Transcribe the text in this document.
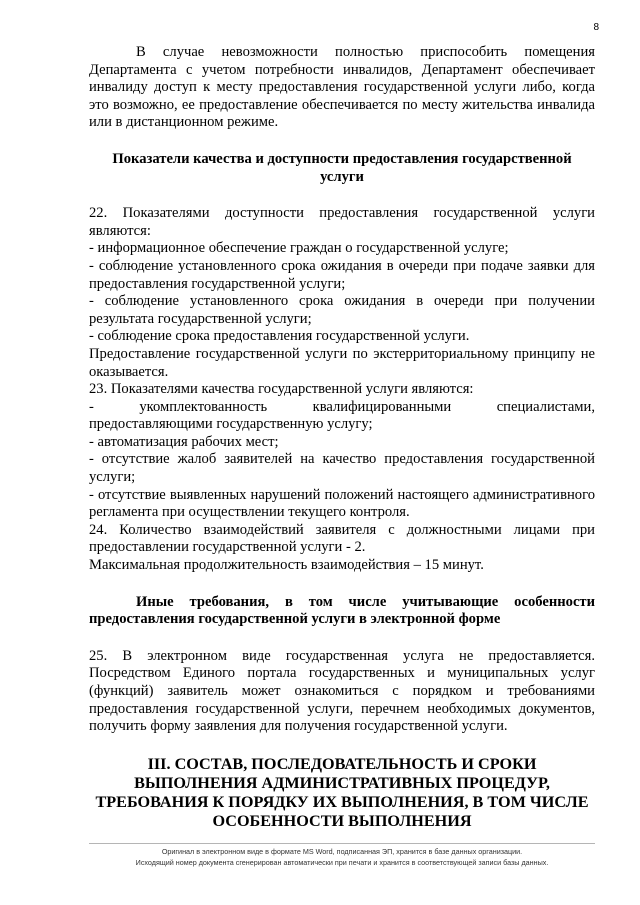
8

В случае невозможности полностью приспособить помещения Департамента с учетом потребности инвалидов, Департамент обеспечивает инвалиду доступ к месту предоставления государственной услуги либо, когда это возможно, ее предоставление обеспечивается по месту жительства инвалида или в дистанционном режиме.

Показатели качества и доступности предоставления государственной услуги

22. Показателями доступности предоставления государственной услуги являются:

- информационное обеспечение граждан о государственной услуге;

- соблюдение установленного срока ожидания в очереди при подаче заявки для предоставления государственной услуги;

- соблюдение установленного срока ожидания в очереди при получении результата государственной услуги;

- соблюдение срока предоставления государственной услуги.

Предоставление государственной услуги по экстерриториальному принципу не оказывается.

23. Показателями качества государственной услуги являются:

- укомплектованность квалифицированными специалистами, предоставляющими государственную услугу;

- автоматизация рабочих мест;

- отсутствие жалоб заявителей на качество предоставления государственной услуги;

- отсутствие выявленных нарушений положений настоящего административного регламента при осуществлении текущего контроля.

24. Количество взаимодействий заявителя с должностными лицами при предоставлении государственной услуги - 2.

Максимальная продолжительность взаимодействия – 15 минут.

Иные требования, в том числе учитывающие особенности предоставления государственной услуги в электронной форме

25. В электронном виде государственная услуга не предоставляется. Посредством Единого портала государственных и муниципальных услуг (функций) заявитель может ознакомиться с порядком и требованиями предоставления государственной услуги, перечнем необходимых документов, получить форму заявления для получения государственной услуги.

III. СОСТАВ, ПОСЛЕДОВАТЕЛЬНОСТЬ И СРОКИ ВЫПОЛНЕНИЯ АДМИНИСТРАТИВНЫХ ПРОЦЕДУР, ТРЕБОВАНИЯ К ПОРЯДКУ ИХ ВЫПОЛНЕНИЯ, В ТОМ ЧИСЛЕ ОСОБЕННОСТИ ВЫПОЛНЕНИЯ
Оригинал в электронном виде в формате MS Word, подписанная ЭП, хранится в базе данных организации.
Исходящий номер документа сгенерирован автоматически при печати и хранится в соответствующей записи базы данных.
